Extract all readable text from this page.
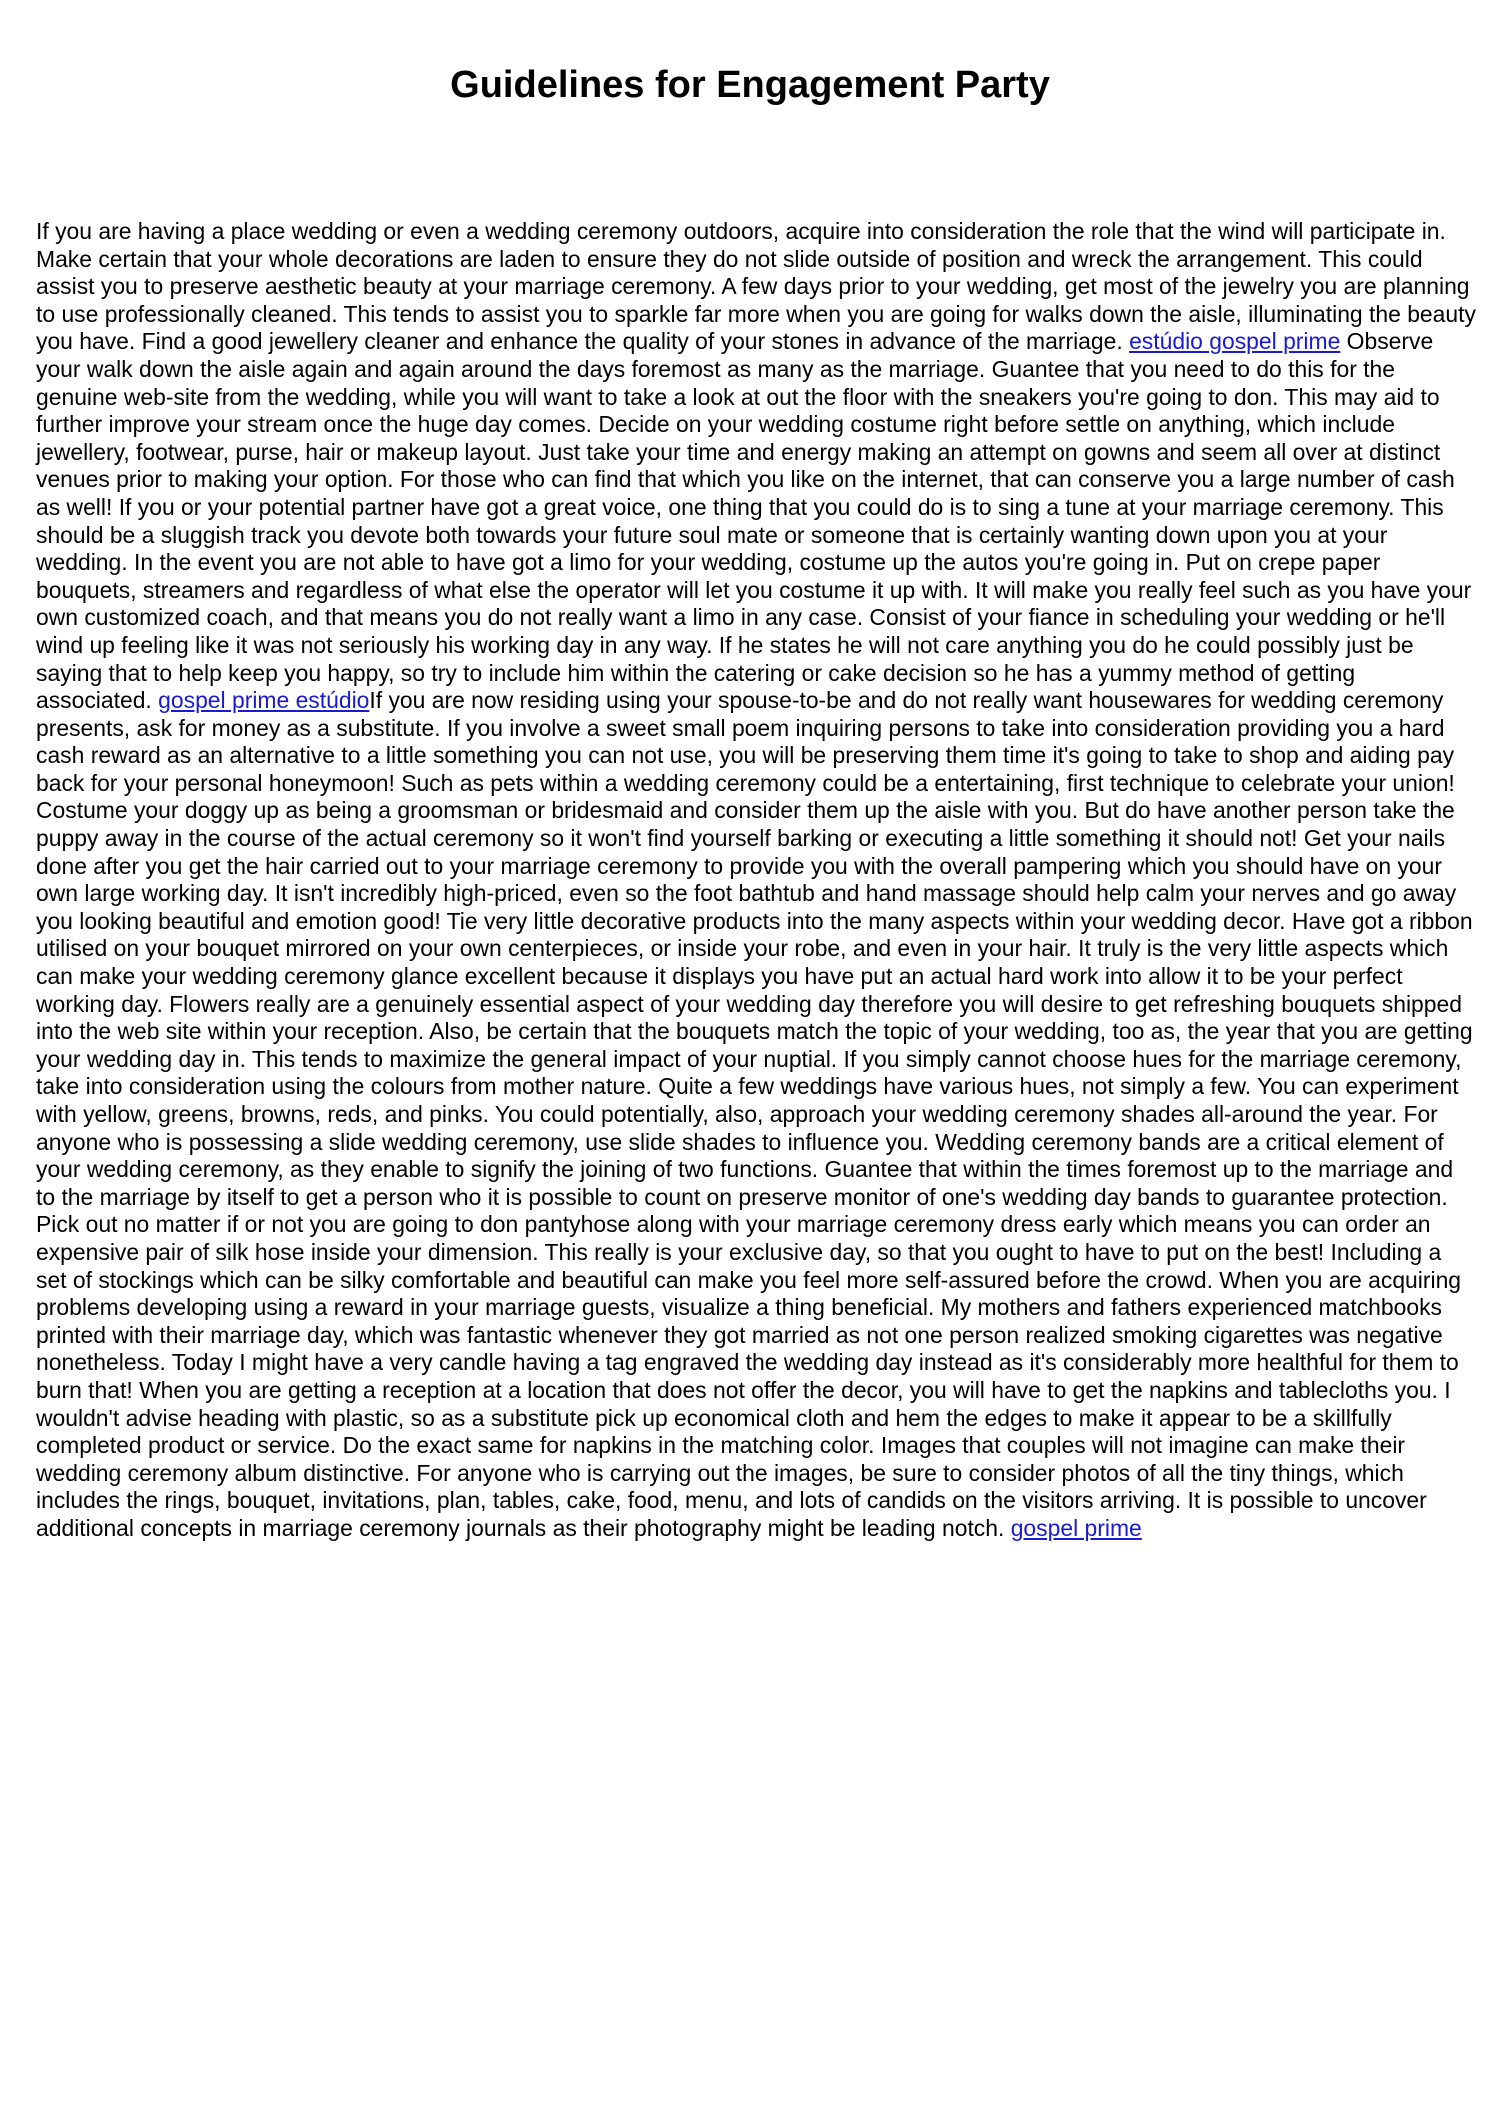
Guidelines for Engagement Party

If you are having a place wedding or even a wedding ceremony outdoors, acquire into consideration the role that the wind will participate in. Make certain that your whole decorations are laden to ensure they do not slide outside of position and wreck the arrangement. This could assist you to preserve aesthetic beauty at your marriage ceremony. A few days prior to your wedding, get most of the jewelry you are planning to use professionally cleaned. This tends to assist you to sparkle far more when you are going for walks down the aisle, illuminating the beauty you have. Find a good jewellery cleaner and enhance the quality of your stones in advance of the marriage. estúdio gospel prime Observe your walk down the aisle again and again around the days foremost as many as the marriage. Guantee that you need to do this for the genuine web-site from the wedding, while you will want to take a look at out the floor with the sneakers you're going to don. This may aid to further improve your stream once the huge day comes. Decide on your wedding costume right before settle on anything, which include jewellery, footwear, purse, hair or makeup layout. Just take your time and energy making an attempt on gowns and seem all over at distinct venues prior to making your option. For those who can find that which you like on the internet, that can conserve you a large number of cash as well! If you or your potential partner have got a great voice, one thing that you could do is to sing a tune at your marriage ceremony. This should be a sluggish track you devote both towards your future soul mate or someone that is certainly wanting down upon you at your wedding. In the event you are not able to have got a limo for your wedding, costume up the autos you're going in. Put on crepe paper bouquets, streamers and regardless of what else the operator will let you costume it up with. It will make you really feel such as you have your own customized coach, and that means you do not really want a limo in any case. Consist of your fiance in scheduling your wedding or he'll wind up feeling like it was not seriously his working day in any way. If he states he will not care anything you do he could possibly just be saying that to help keep you happy, so try to include him within the catering or cake decision so he has a yummy method of getting associated. gospel prime estúdioIf you are now residing using your spouse-to-be and do not really want housewares for wedding ceremony presents, ask for money as a substitute. If you involve a sweet small poem inquiring persons to take into consideration providing you a hard cash reward as an alternative to a little something you can not use, you will be preserving them time it's going to take to shop and aiding pay back for your personal honeymoon! Such as pets within a wedding ceremony could be a entertaining, first technique to celebrate your union! Costume your doggy up as being a groomsman or bridesmaid and consider them up the aisle with you. But do have another person take the puppy away in the course of the actual ceremony so it won't find yourself barking or executing a little something it should not! Get your nails done after you get the hair carried out to your marriage ceremony to provide you with the overall pampering which you should have on your own large working day. It isn't incredibly high-priced, even so the foot bathtub and hand massage should help calm your nerves and go away you looking beautiful and emotion good! Tie very little decorative products into the many aspects within your wedding decor. Have got a ribbon utilised on your bouquet mirrored on your own centerpieces, or inside your robe, and even in your hair. It truly is the very little aspects which can make your wedding ceremony glance excellent because it displays you have put an actual hard work into allow it to be your perfect working day. Flowers really are a genuinely essential aspect of your wedding day therefore you will desire to get refreshing bouquets shipped into the web site within your reception. Also, be certain that the bouquets match the topic of your wedding, too as, the year that you are getting your wedding day in. This tends to maximize the general impact of your nuptial. If you simply cannot choose hues for the marriage ceremony, take into consideration using the colours from mother nature. Quite a few weddings have various hues, not simply a few. You can experiment with yellow, greens, browns, reds, and pinks. You could potentially, also, approach your wedding ceremony shades all-around the year. For anyone who is possessing a slide wedding ceremony, use slide shades to influence you. Wedding ceremony bands are a critical element of your wedding ceremony, as they enable to signify the joining of two functions. Guantee that within the times foremost up to the marriage and to the marriage by itself to get a person who it is possible to count on preserve monitor of one's wedding day bands to guarantee protection. Pick out no matter if or not you are going to don pantyhose along with your marriage ceremony dress early which means you can order an expensive pair of silk hose inside your dimension. This really is your exclusive day, so that you ought to have to put on the best! Including a set of stockings which can be silky comfortable and beautiful can make you feel more self-assured before the crowd. When you are acquiring problems developing using a reward in your marriage guests, visualize a thing beneficial. My mothers and fathers experienced matchbooks printed with their marriage day, which was fantastic whenever they got married as not one person realized smoking cigarettes was negative nonetheless. Today I might have a very candle having a tag engraved the wedding day instead as it's considerably more healthful for them to burn that! When you are getting a reception at a location that does not offer the decor, you will have to get the napkins and tablecloths you. I wouldn't advise heading with plastic, so as a substitute pick up economical cloth and hem the edges to make it appear to be a skillfully completed product or service. Do the exact same for napkins in the matching color. Images that couples will not imagine can make their wedding ceremony album distinctive. For anyone who is carrying out the images, be sure to consider photos of all the tiny things, which includes the rings, bouquet, invitations, plan, tables, cake, food, menu, and lots of candids on the visitors arriving. It is possible to uncover additional concepts in marriage ceremony journals as their photography might be leading notch. gospel prime
